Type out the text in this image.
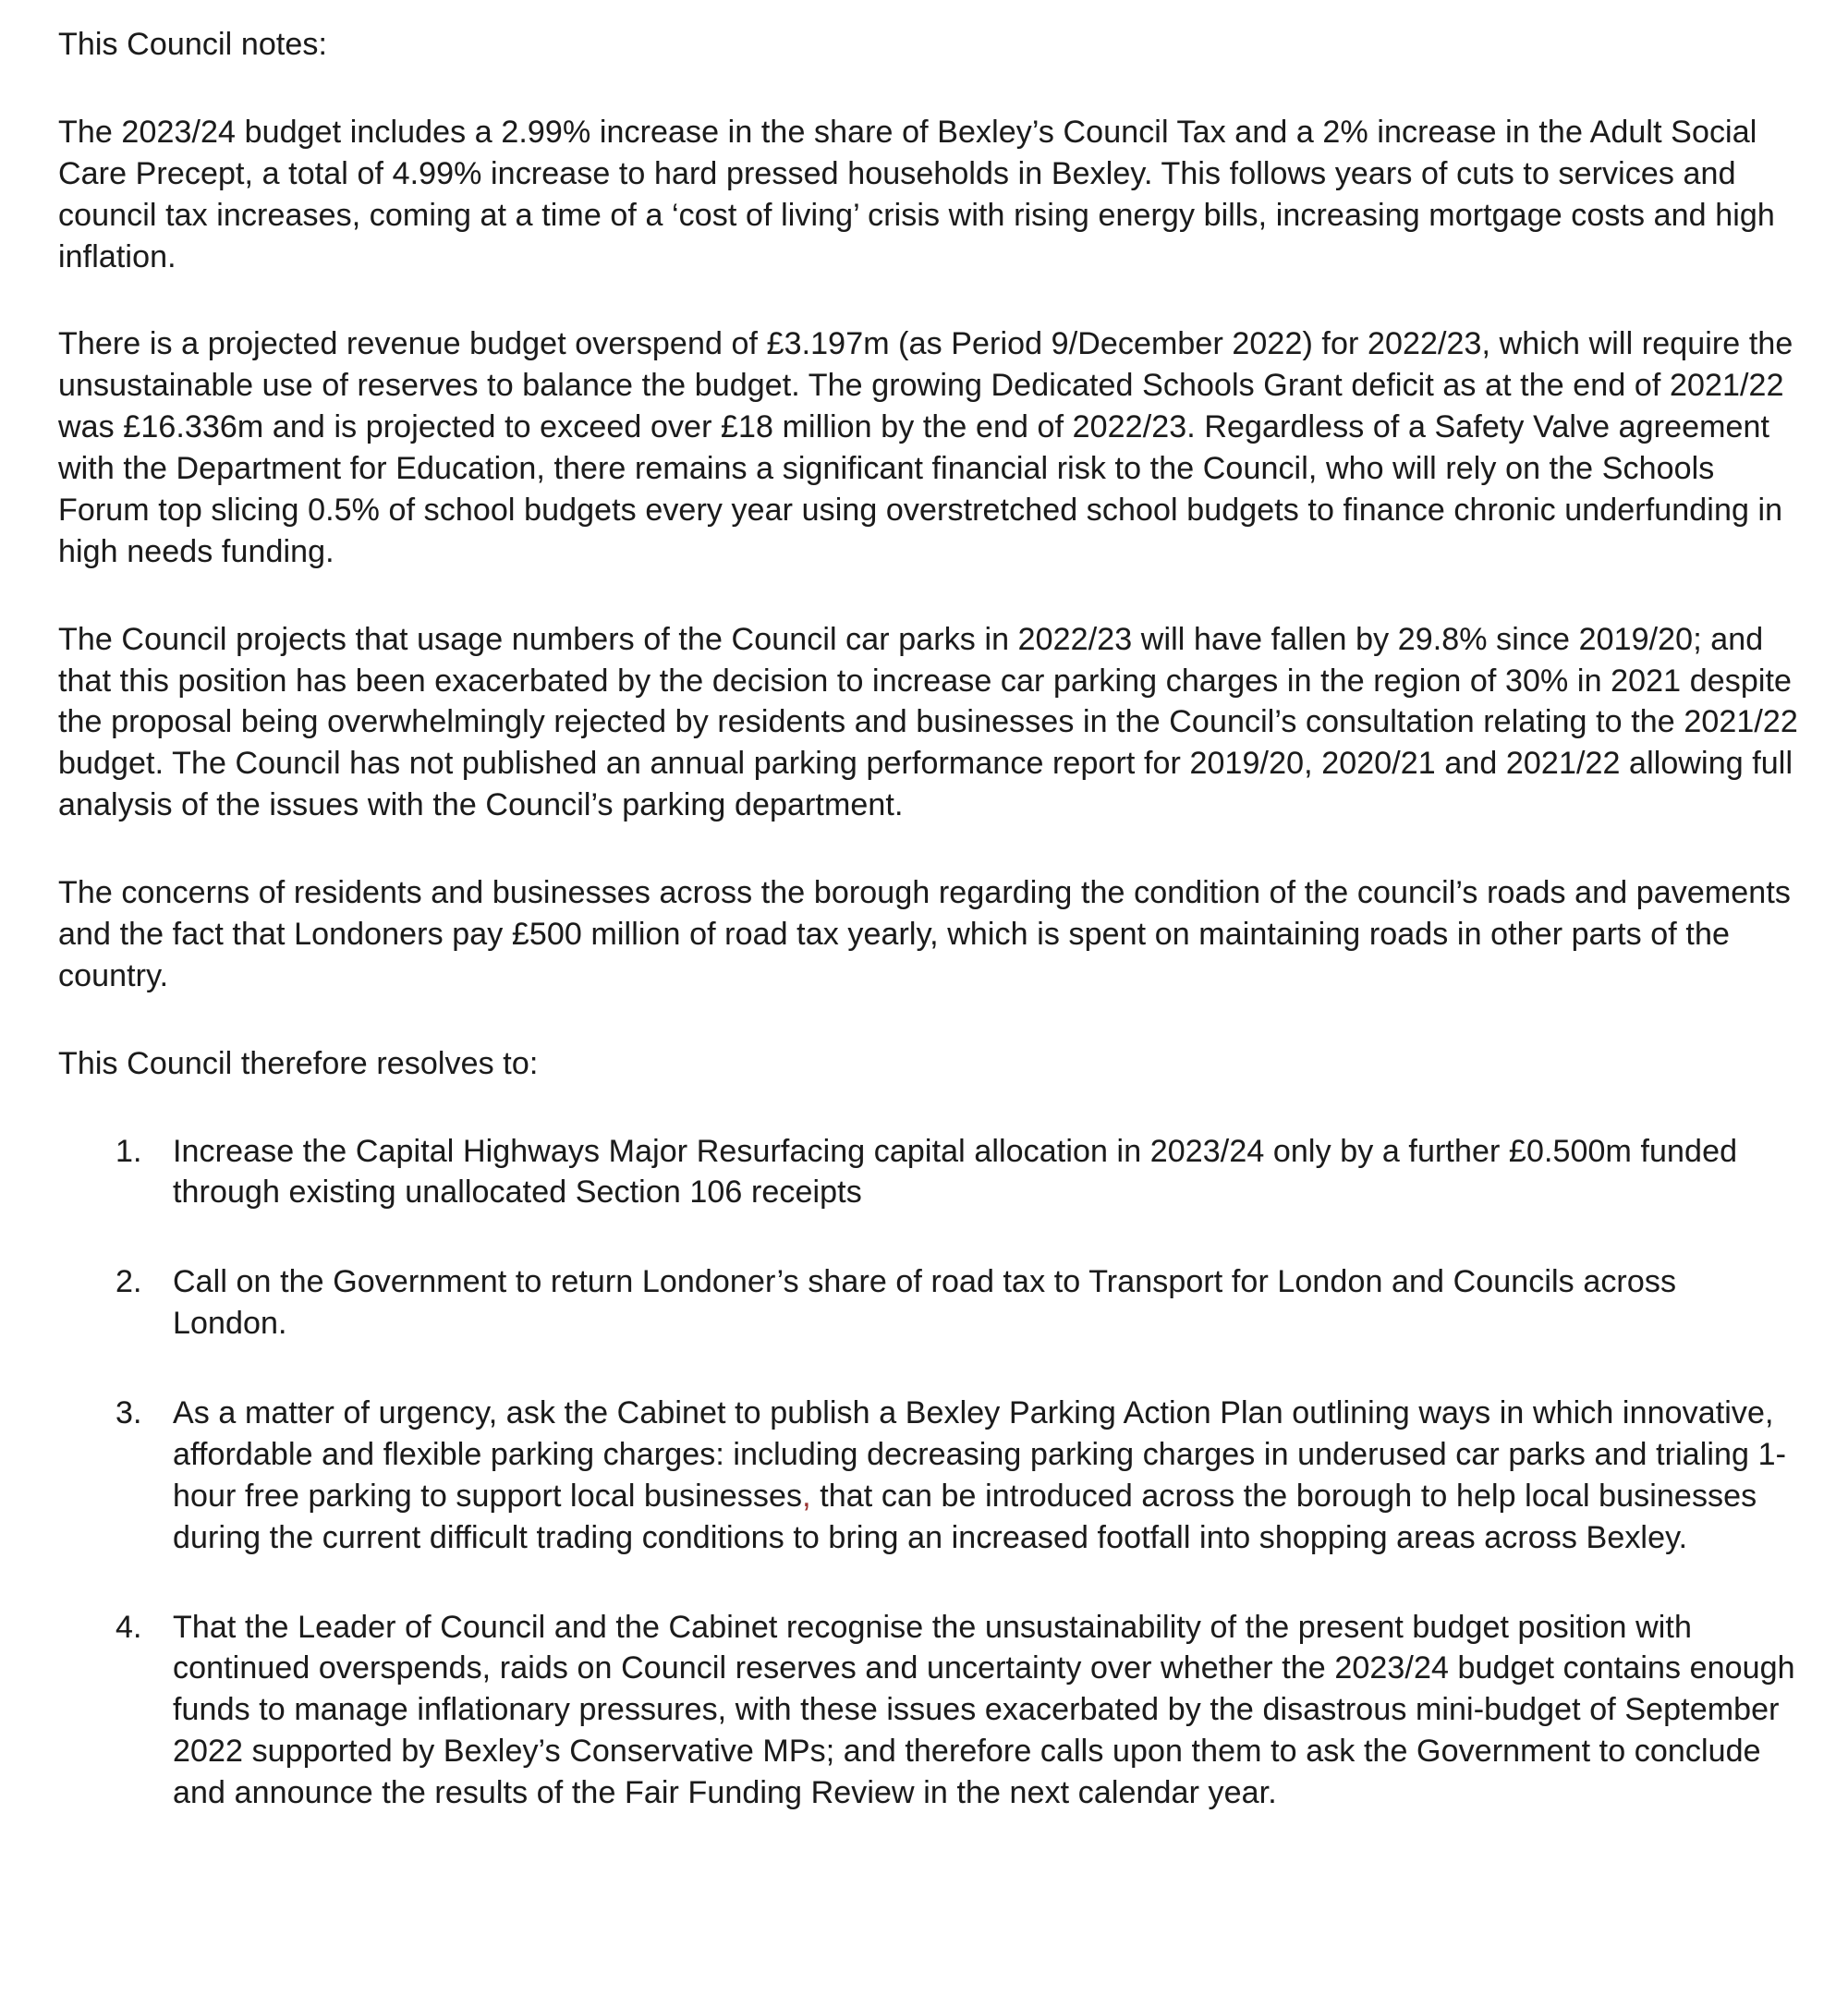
This Council notes:

The 2023/24 budget includes a 2.99% increase in the share of Bexley’s Council Tax and a 2% increase in the Adult Social Care Precept, a total of 4.99% increase to hard pressed households in Bexley. This follows years of cuts to services and council tax increases, coming at a time of a ‘cost of living’ crisis with rising energy bills, increasing mortgage costs and high inflation.

There is a projected revenue budget overspend of £3.197m (as Period 9/December 2022) for 2022/23, which will require the unsustainable use of reserves to balance the budget. The growing Dedicated Schools Grant deficit as at the end of 2021/22 was £16.336m and is projected to exceed over £18 million by the end of 2022/23. Regardless of a Safety Valve agreement with the Department for Education, there remains a significant financial risk to the Council, who will rely on the Schools Forum top slicing 0.5% of school budgets every year using overstretched school budgets to finance chronic underfunding in high needs funding.

The Council projects that usage numbers of the Council car parks in 2022/23 will have fallen by 29.8% since 2019/20; and that this position has been exacerbated by the decision to increase car parking charges in the region of 30% in 2021 despite the proposal being overwhelmingly rejected by residents and businesses in the Council’s consultation relating to the 2021/22 budget. The Council has not published an annual parking performance report for 2019/20, 2020/21 and 2021/22 allowing full analysis of the issues with the Council’s parking department.

The concerns of residents and businesses across the borough regarding the condition of the council’s roads and pavements and the fact that Londoners pay £500 million of road tax yearly, which is spent on maintaining roads in other parts of the country.

This Council therefore resolves to:

1. Increase the Capital Highways Major Resurfacing capital allocation in 2023/24 only by a further £0.500m funded through existing unallocated Section 106 receipts
2. Call on the Government to return Londoner’s share of road tax to Transport for London and Councils across London.
3. As a matter of urgency, ask the Cabinet to publish a Bexley Parking Action Plan outlining ways in which innovative, affordable and flexible parking charges: including decreasing parking charges in underused car parks and trialing 1-hour free parking to support local businesses, that can be introduced across the borough to help local businesses during the current difficult trading conditions to bring an increased footfall into shopping areas across Bexley.
4. That the Leader of Council and the Cabinet recognise the unsustainability of the present budget position with continued overspends, raids on Council reserves and uncertainty over whether the 2023/24 budget contains enough funds to manage inflationary pressures, with these issues exacerbated by the disastrous mini-budget of September 2022 supported by Bexley’s Conservative MPs; and therefore calls upon them to ask the Government to conclude and announce the results of the Fair Funding Review in the next calendar year.
